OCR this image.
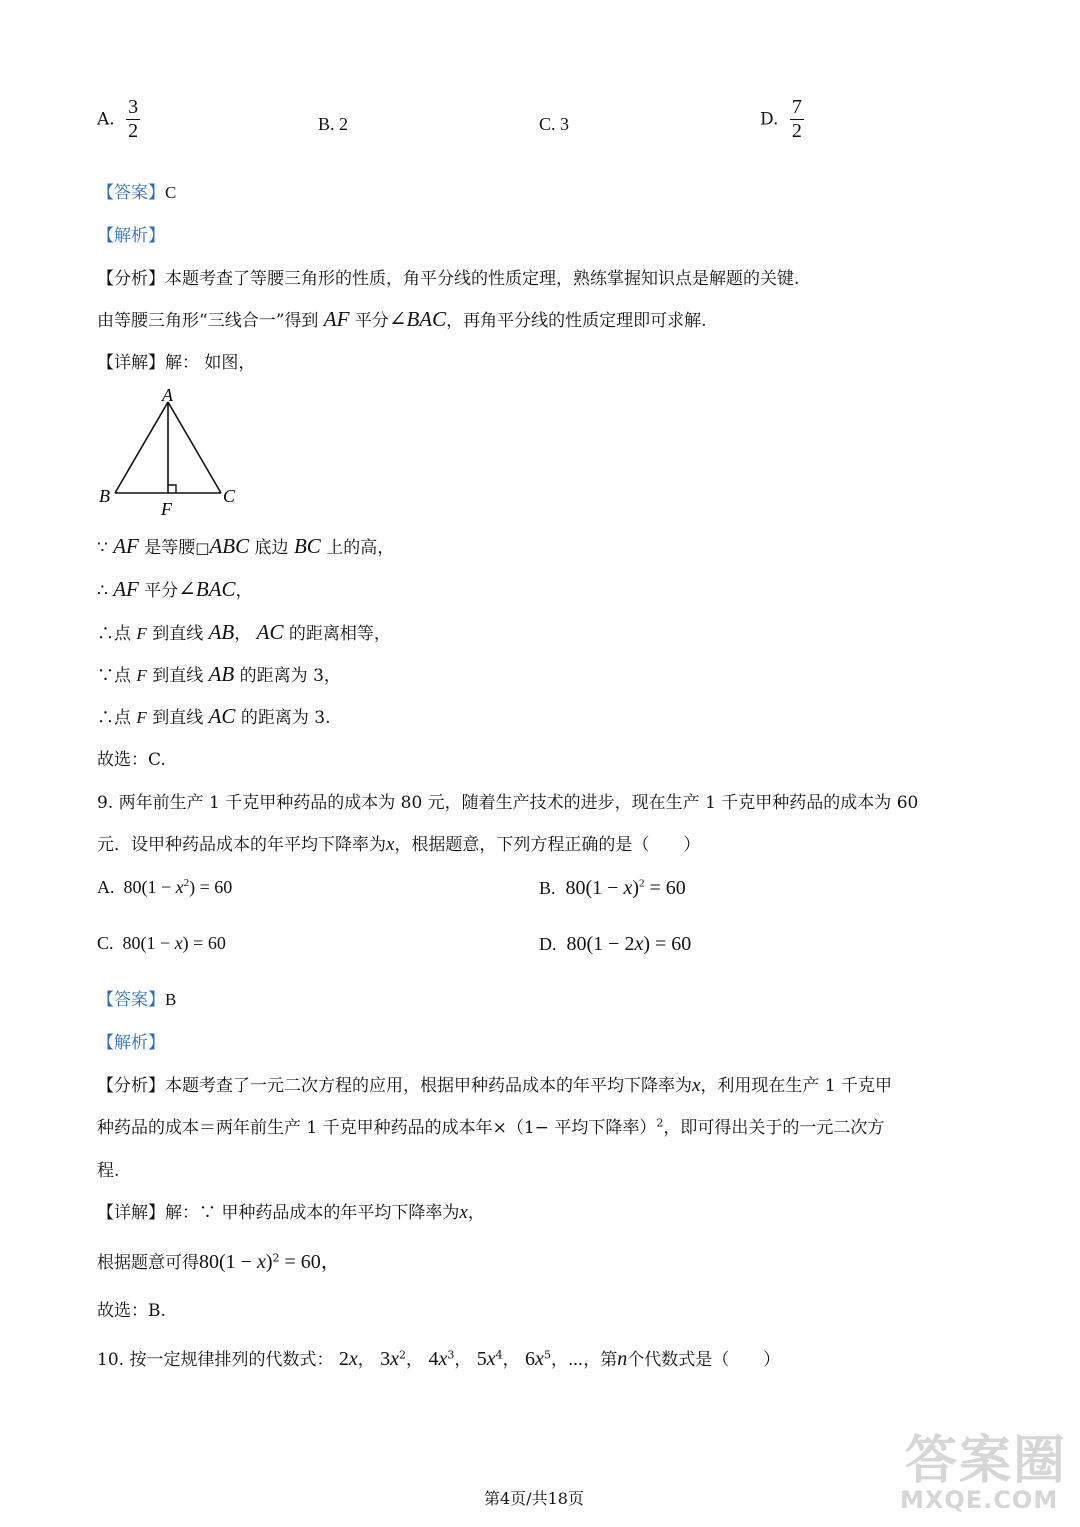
A. $\frac{3}{2}$	B. 2	C. 3	D. $\frac{7}{2}$
【答案】C
【解析】
【分析】本题考查了等腰三角形的性质，角平分线的性质定理，熟练掌握知识点是解题的关键.
由等腰三角形“三线合一”得到 AF 平分∠BAC，再角平分线的性质定理即可求解.
【详解】解： 如图，
A
B	C
F
∵ AF 是等腰□ABC 底边 BC 上的高，
∴ AF 平分∠BAC，
∴点 F 到直线 AB， AC 的距离相等，
∵点 F 到直线 AB 的距离为 3，
∴点 F 到直线 AC 的距离为 3.
故选：C.
9. 两年前生产 1 千克甲种药品的成本为 80 元，随着生产技术的进步，现在生产 1 千克甲种药品的成本为 60
元．设甲种药品成本的年平均下降率为x，根据题意，下列方程正确的是（　　）
A. $80(1 - x^2) = 60$	B. $80(1 - x)^2 = 60$
C. 80(1 − x) = 60	D. 80(1 − 2x) = 60
【答案】B
【解析】
【分析】本题考查了一元二次方程的应用，根据甲种药品成本的年平均下降率为x，利用现在生产 1 千克甲
种药品的成本＝两年前生产 1 千克甲种药品的成本年×（1− 平均下降率）$^2$，即可得出关于的一元二次方
程.
【详解】解：∵ 甲种药品成本的年平均下降率为x，
根据题意可得$80(1 - x)^2 = 60$，
故选：B.
10. 按一定规律排列的代数式： 2x， $3x^2$， $4x^3$， $5x^4$， $6x^5$，⋯，第n个代数式是（　　）
第4页/共18页
答案圈
MXQE.COM
